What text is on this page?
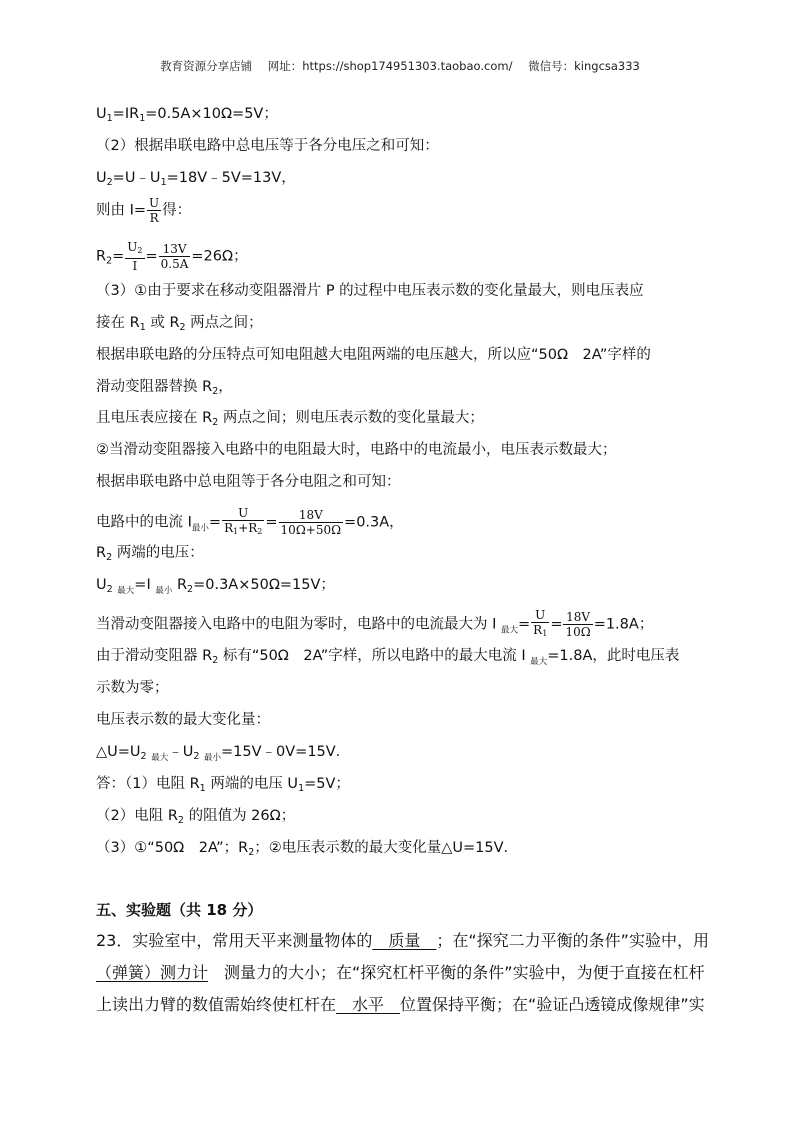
教育资源分享店铺 网址：https://shop174951303.taobao.com/ 微信号：kingcsa333
$U_1=IR_1=0.5A\times 10\Omega=5V$；
（2）根据串联电路中总电压等于各分电压之和可知：
$U_2=U﹣U_1=18V﹣5V=13V$，
则由 $I= \frac{U}{R}$ 得：
$R_2= \frac{U_2}{I} = \frac{13V}{0.5A} =26\Omega$；
（3）①由于要求在移动变阻器滑片 P 的过程中电压表示数的变化量最大，则电压表应
接在 $R_1$ 或 $R_2$ 两点之间；
根据串联电路的分压特点可知电阻越大电阻两端的电压越大，所以应“50Ω　2A”字样的
滑动变阻器替换 $R_2$，
且电压表应接在 $R_2$ 两点之间；则电压表示数的变化量最大；
②当滑动变阻器接入电路中的电阻最大时，电路中的电流最小，电压表示数最大；
根据串联电路中总电阻等于各分电阻之和可知：
电路中的电流 $I_{最小}= \frac{U}{R_1+R_2} = \frac{18V}{10\Omega+50\Omega} =0.3A$，
$R_2$ 两端的电压：
$U_2$ $_{最大}$=I $_{最小}$ $R_2=0.3A\times 50\Omega=15V$；
当滑动变阻器接入电路中的电阻为零时，电路中的电流最大为 I $_{最大}= \frac{U}{R_1} = \frac{18V}{10\Omega} =1.8A$；
由于滑动变阻器 $R_2$ 标有“50Ω　2A”字样，所以电路中的最大电流 I $_{最大}$=1.8A，此时电压表
示数为零；
电压表示数的最大变化量：
$\triangle U=U_2$ $_{最大}﹣U_2$ $_{最小}$=15V﹣0V=15V．
答：（1）电阻 $R_1$ 两端的电压 $U_1=5V$；
（2）电阻 $R_2$ 的阻值为 26Ω；
（3）①“50Ω　2A”；$R_2$；②电压表示数的最大变化量△U=15V．
五、实验题（共 18 分）
23．实验室中，常用天平来测量物体的　质量　；在“探究二力平衡的条件”实验中，用
（弹簧）测力计　测量力的大小；在“探究杠杆平衡的条件”实验中，为便于直接在杠杆
上读出力臂的数值需始终使杠杆在　水平　位置保持平衡；在“验证凸透镜成像规律”实
